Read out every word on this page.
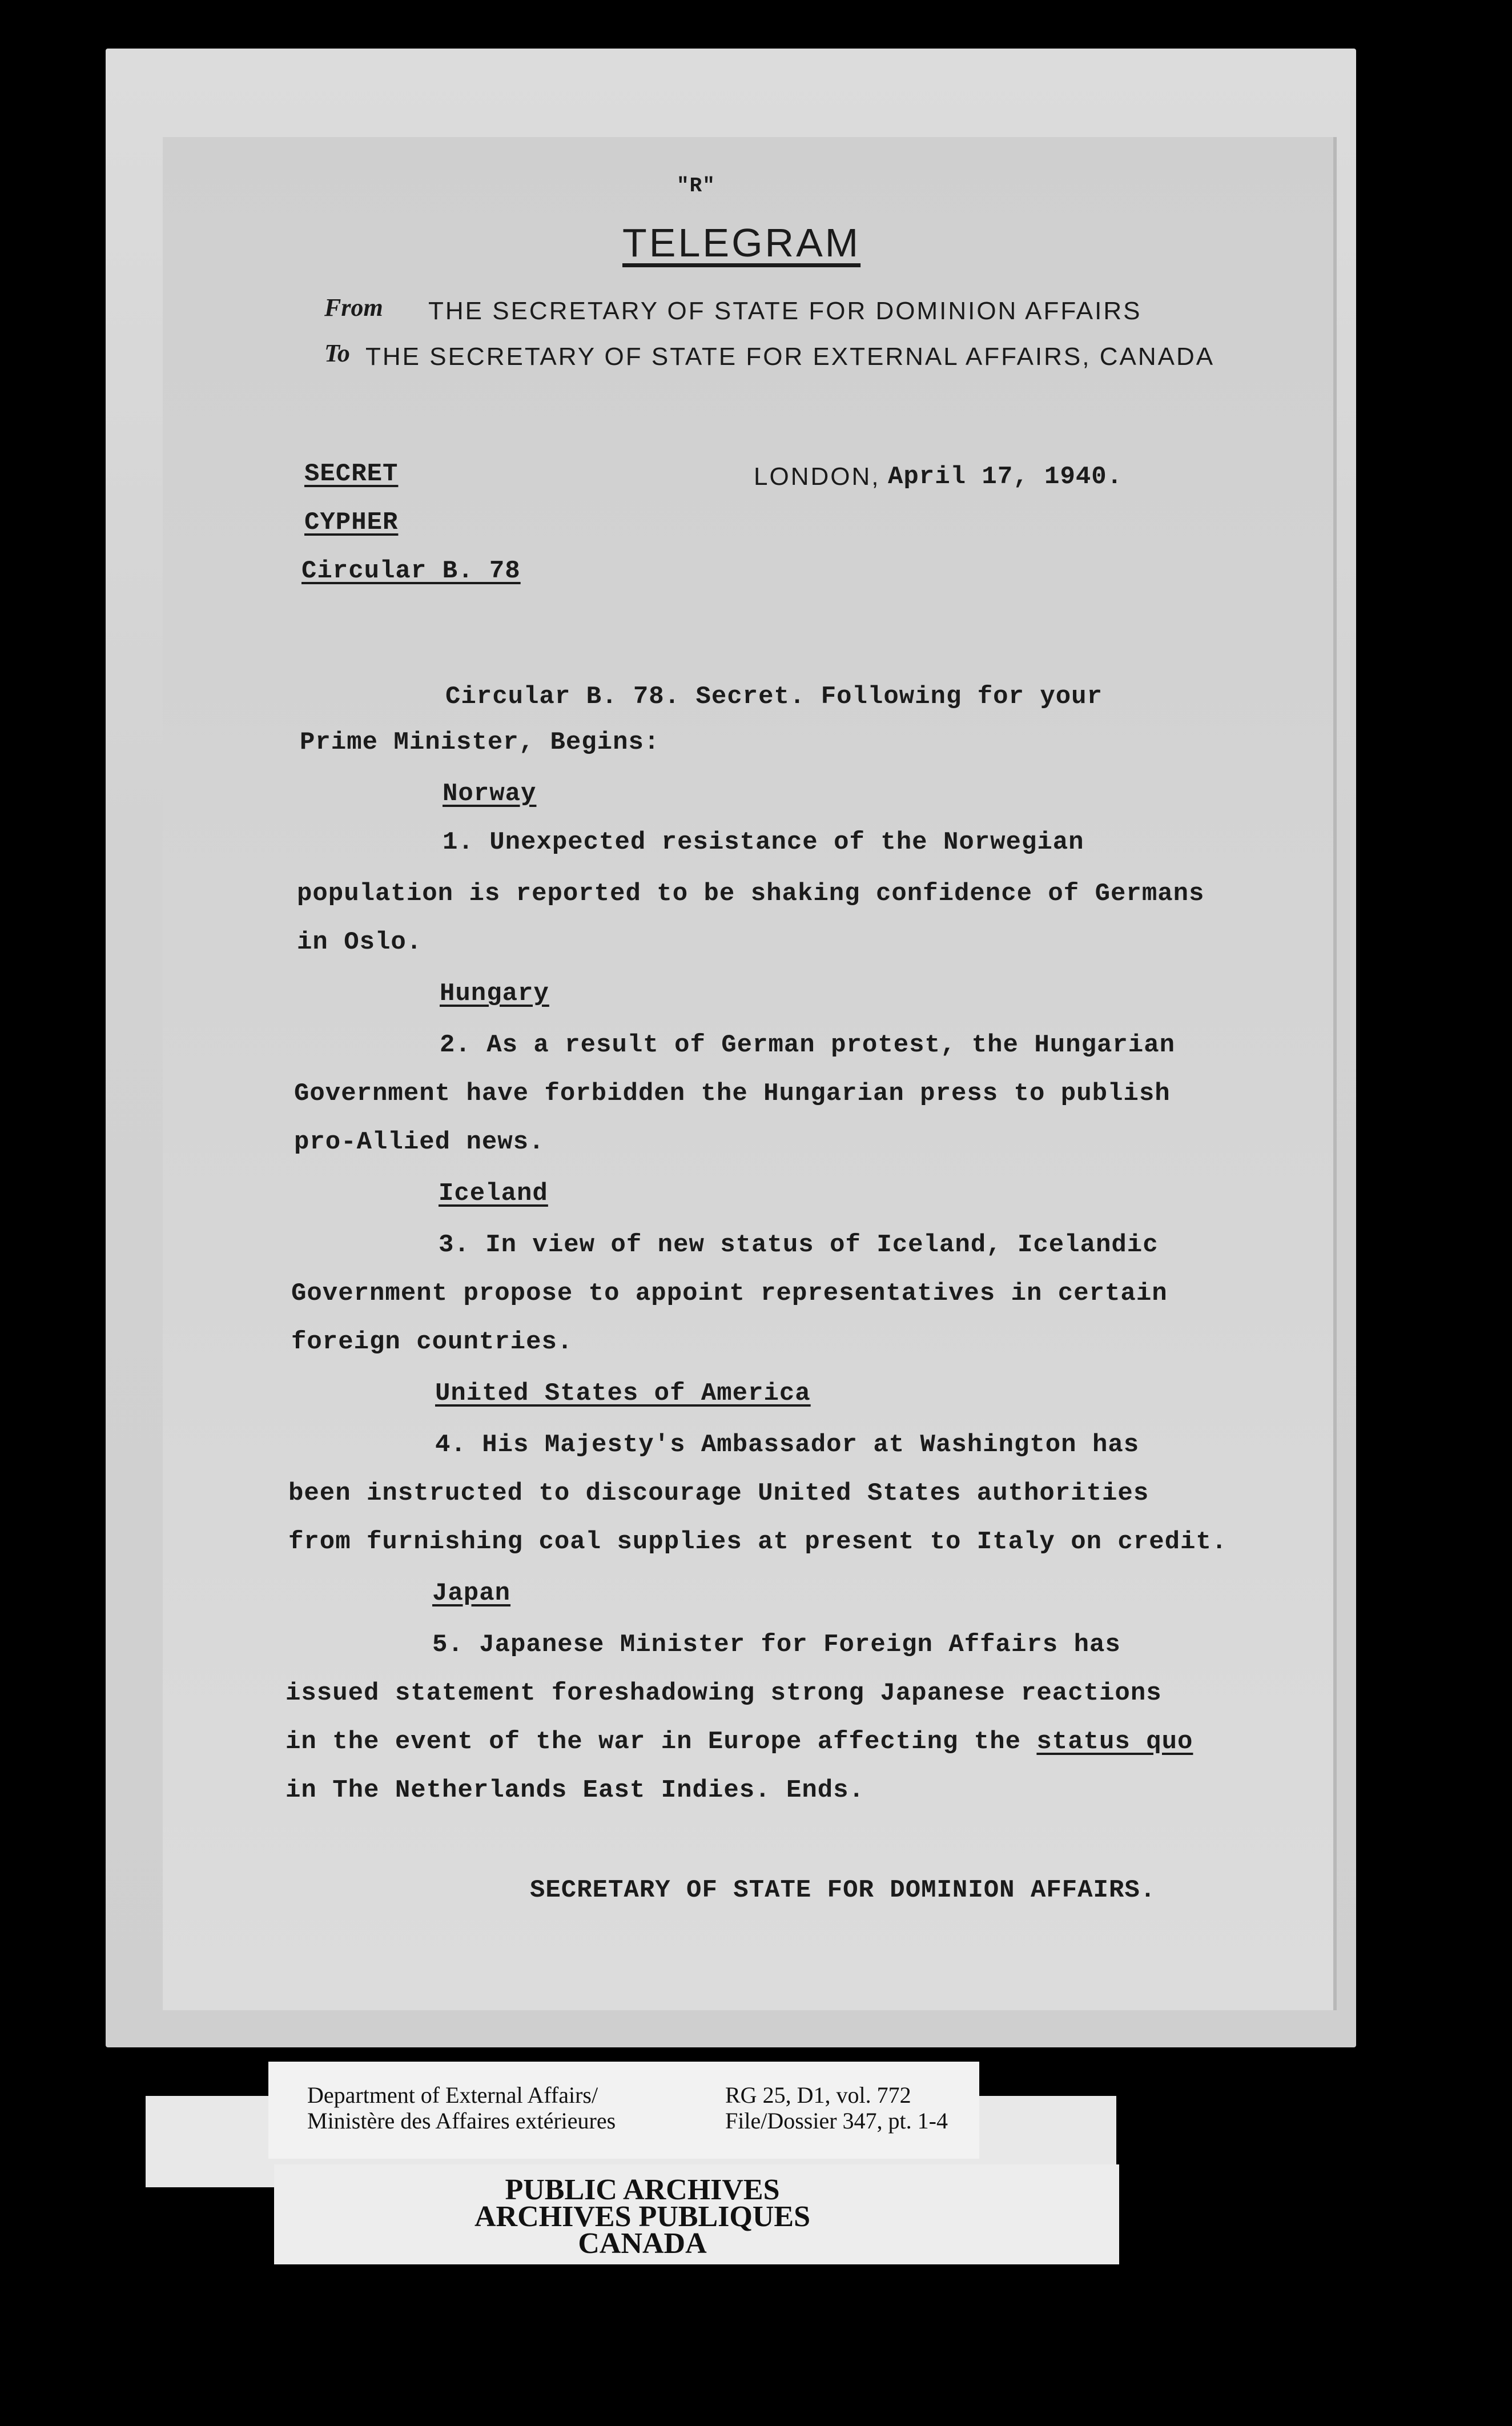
"R"
TELEGRAM
From THE SECRETARY OF STATE FOR DOMINION AFFAIRS
To THE SECRETARY OF STATE FOR EXTERNAL AFFAIRS, CANADA
SECRET
CYPHER
Circular B. 78
LONDON, April 17, 1940.
Circular B. 78. Secret. Following for your
Prime Minister, Begins:
Norway
1. Unexpected resistance of the Norwegian
population is reported to be shaking confidence of Germans
in Oslo.
Hungary
2. As a result of German protest, the Hungarian
Government have forbidden the Hungarian press to publish
pro-Allied news.
Iceland
3. In view of new status of Iceland, Icelandic
Government propose to appoint representatives in certain
foreign countries.
United States of America
4. His Majesty's Ambassador at Washington has
been instructed to discourage United States authorities
from furnishing coal supplies at present to Italy on credit.
Japan
5. Japanese Minister for Foreign Affairs has
issued statement foreshadowing strong Japanese reactions
in the event of the war in Europe affecting the status quo
in The Netherlands East Indies. Ends.
SECRETARY OF STATE FOR DOMINION AFFAIRS.
Department of External Affairs/
Ministère des Affaires extérieures
RG 25, D1, vol. 772
File/Dossier 347, pt. 1-4
PUBLIC ARCHIVES
ARCHIVES PUBLIQUES
CANADA
